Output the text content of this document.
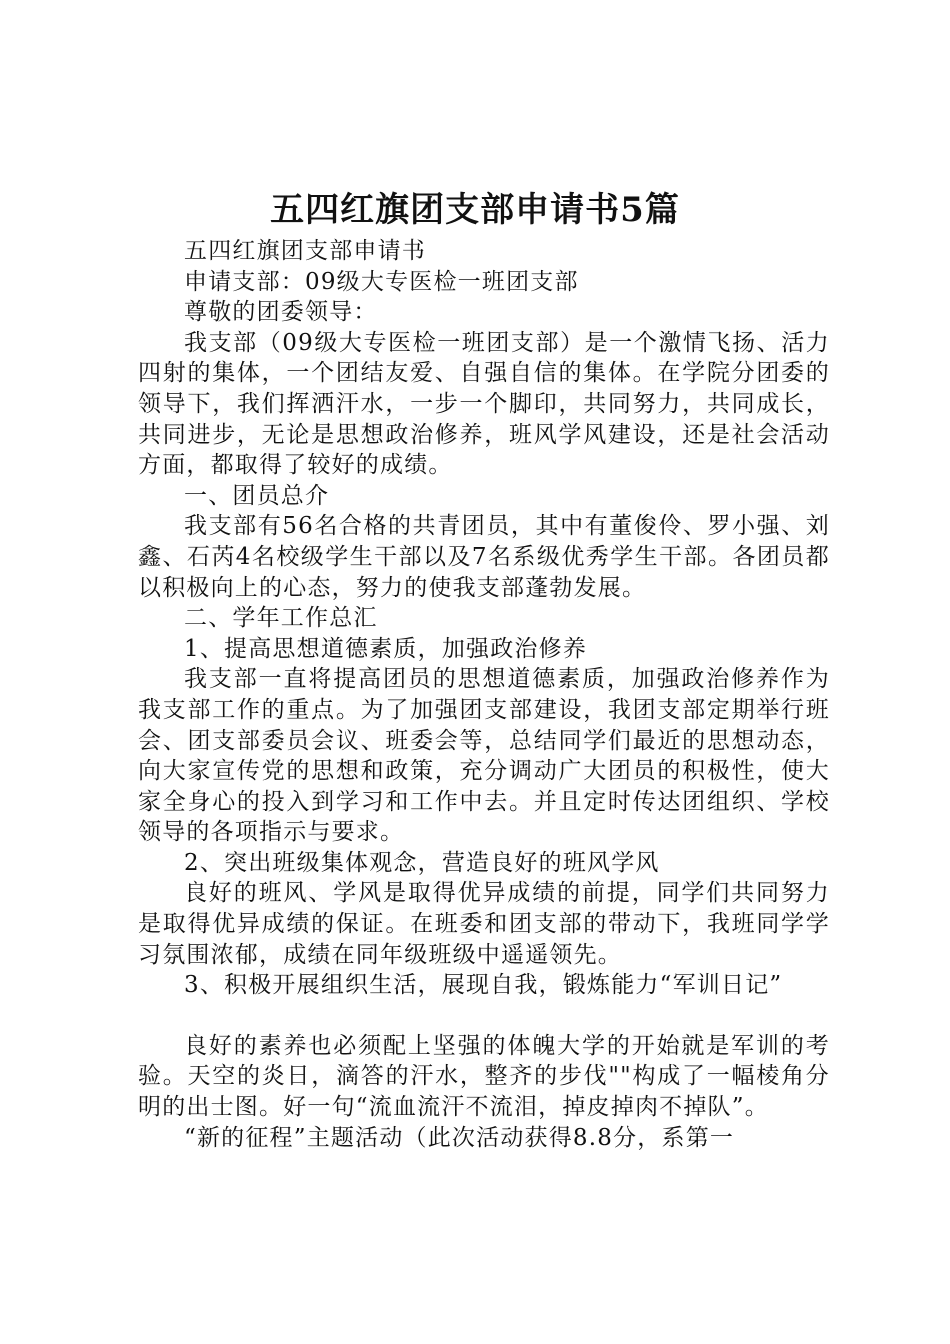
五四红旗团支部申请书5篇

五四红旗团支部申请书

申请支部：09级大专医检一班团支部

尊敬的团委领导：

我支部（09级大专医检一班团支部）是一个激情飞扬、活力四射的集体，一个团结友爱、自强自信的集体。在学院分团委的领导下，我们挥洒汗水，一步一个脚印，共同努力，共同成长，共同进步，无论是思想政治修养，班风学风建设，还是社会活动方面，都取得了较好的成绩。

一、团员总介

我支部有56名合格的共青团员，其中有董俊伶、罗小强、刘鑫、石芮4名校级学生干部以及7名系级优秀学生干部。各团员都以积极向上的心态，努力的使我支部蓬勃发展。

二、学年工作总汇

1、提高思想道德素质，加强政治修养

我支部一直将提高团员的思想道德素质，加强政治修养作为我支部工作的重点。为了加强团支部建设，我团支部定期举行班会、团支部委员会议、班委会等，总结同学们最近的思想动态，向大家宣传党的思想和政策，充分调动广大团员的积极性，使大家全身心的投入到学习和工作中去。并且定时传达团组织、学校领导的各项指示与要求。

2、突出班级集体观念，营造良好的班风学风

良好的班风、学风是取得优异成绩的前提，同学们共同努力是取得优异成绩的保证。在班委和团支部的带动下，我班同学学习氛围浓郁，成绩在同年级班级中遥遥领先。

3、积极开展组织生活，展现自我，锻炼能力“军训日记”

良好的素养也必须配上坚强的体魄大学的开始就是军训的考验。天空的炎日，滴答的汗水，整齐的步伐""构成了一幅棱角分明的出士图。好一句“流血流汗不流泪，掉皮掉肉不掉队”。

“新的征程”主题活动（此次活动获得8.8分，系第一
